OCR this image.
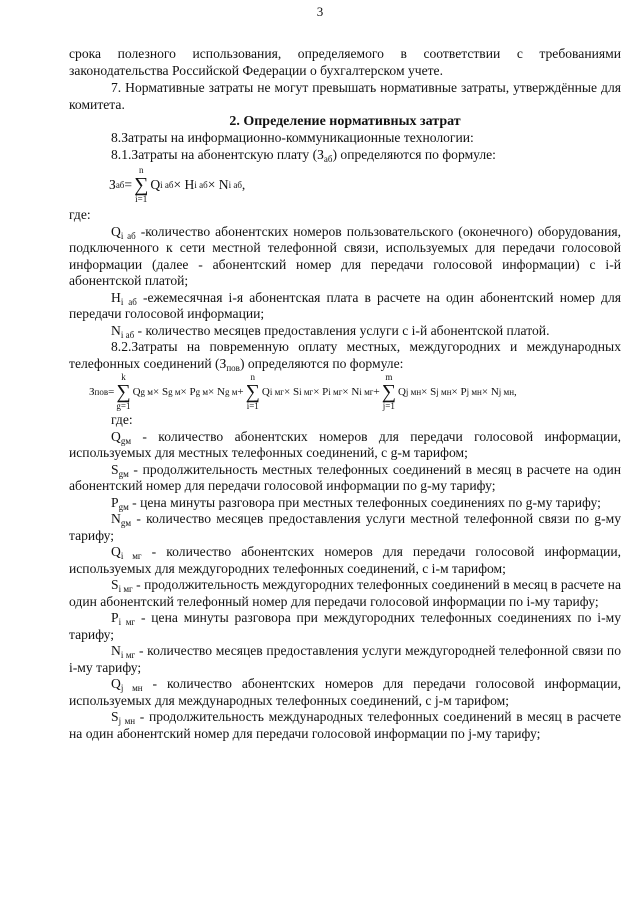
3

срока полезного использования, определяемого в соответствии с требованиями законодательства Российской Федерации о бухгалтерском учете.

7. Нормативные затраты не могут превышать нормативные затраты, утверждённые для комитета.

2. Определение нормативных затрат

8.Затраты на информационно-коммуникационные технологии:

8.1.Затраты на абонентскую плату $(З_{аб})$ определяются по формуле:

З аб =
n
∑
i=1
Q i аб × H i аб × N i аб ,

где:

$Q_{i аб}$ -количество абонентских номеров пользовательского (оконечного) оборудования, подключенного к сети местной телефонной связи, используемых для передачи голосовой информации (далее - абонентский номер для передачи голосовой информации) с i-й абонентской платой;

$H_{i аб}$ -ежемесячная i-я абонентская плата в расчете на один абонентский номер для передачи голосовой информации;

$N_{i аб}$ - количество месяцев предоставления услуги с i-й абонентской платой.

8.2.Затраты на повременную оплату местных, междугородних и международных телефонных соединений $(З_{пов})$ определяются по формуле:

З пов =
k
∑
g=1
Q g м × S g м × P g м × N g м +
n
∑
i=1
Q i мг × S i мг × P i мг × N i мг +
m
∑
j=1
Q j мн × S j мн × P j мн × N j мн ,

где:

$Q_{gм}$ - количество абонентских номеров для передачи голосовой информации, используемых для местных телефонных соединений, с g-м тарифом;

$S_{gм}$ - продолжительность местных телефонных соединений в месяц в расчете на один абонентский номер для передачи голосовой информации по g-му тарифу;

$P_{gм}$ - цена минуты разговора при местных телефонных соединениях по g-му тарифу;

$N_{gм}$ - количество месяцев предоставления услуги местной телефонной связи по g-му тарифу;

$Q_{i мг}$ - количество абонентских номеров для передачи голосовой информации, используемых для междугородних телефонных соединений, с i-м тарифом;

$S_{i мг}$ - продолжительность междугородних телефонных соединений в месяц в расчете на один абонентский телефонный номер для передачи голосовой информации по i-му тарифу;

$P_{i мг}$ - цена минуты разговора при междугородних телефонных соединениях по i-му тарифу;

$N_{i мг}$ - количество месяцев предоставления услуги междугородней телефонной связи по i-му тарифу;

$Q_{j мн}$ - количество абонентских номеров для передачи голосовой информации, используемых для международных телефонных соединений, с j-м тарифом;

$S_{j мн}$ - продолжительность международных телефонных соединений в месяц в расчете на один абонентский номер для передачи голосовой информации по j-му тарифу;
